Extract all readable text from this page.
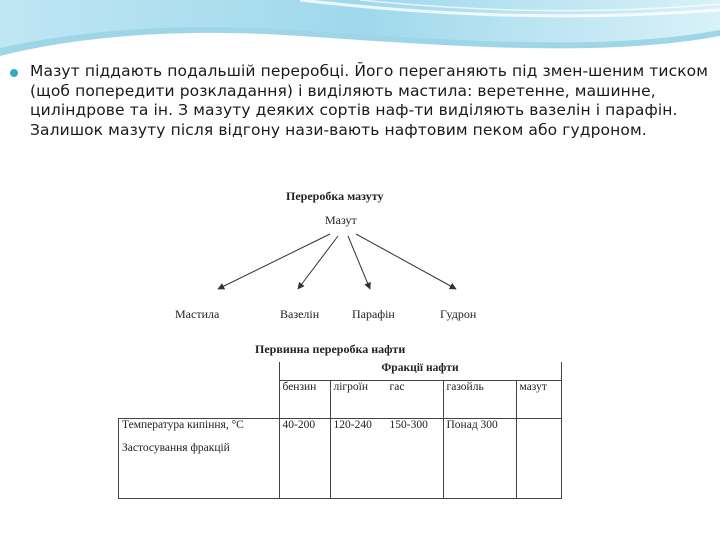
Мазут піддають подальшій переробці. Його переганяють під змен-шеним тиском (щоб попередити розкладання) і виділяють мастила: веретенне, машинне, циліндрове та ін. З мазуту деяких сортів наф-ти виділяють вазелін і парафін. Залишок мазуту після відгону нази-вають нафтовим пеком або гудроном.
Переробка мазуту
Мазут
Мастила	Вазелін	Парафін	Гудрон
Первинна переробка нафти
	Фракції нафти				
	бензин	лігроїн	гас	газойль	мазут
Температура кипіння, °С	40-200	120-240	150-300	Понад 300	
Застосування фракцій					
